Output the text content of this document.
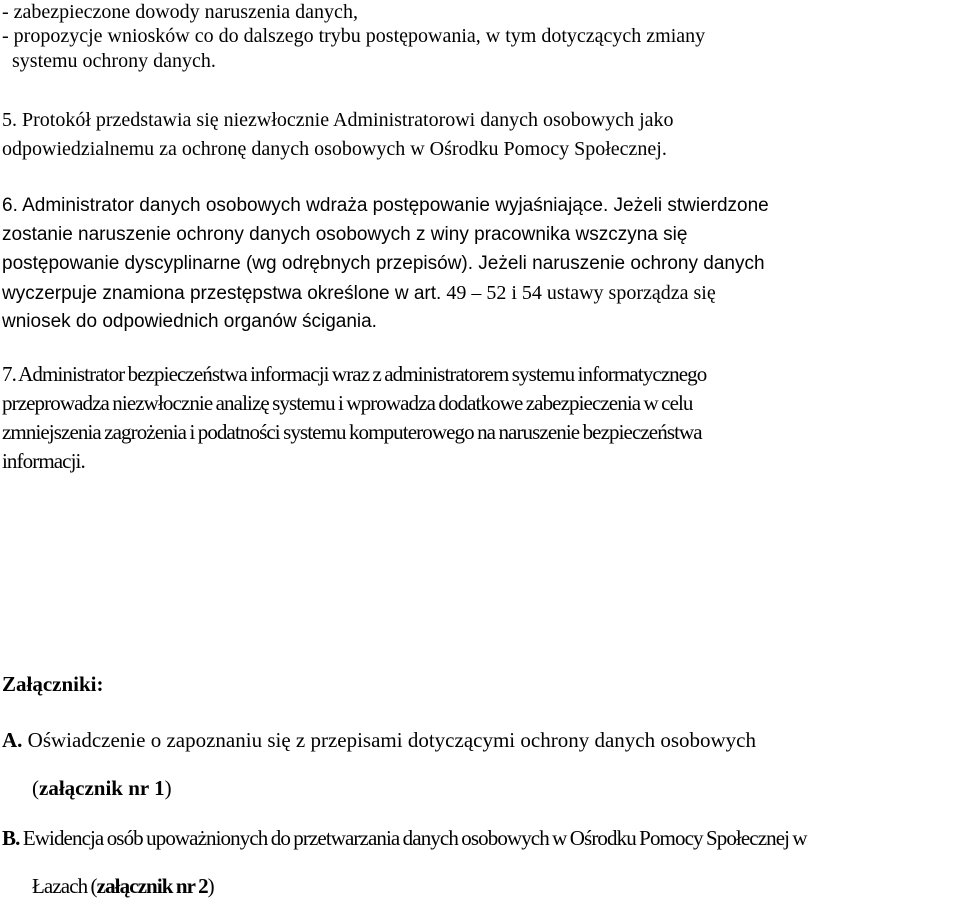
- zabezpieczone dowody naruszenia danych,
- propozycje wniosków co do dalszego trybu postępowania, w tym dotyczących zmiany
systemu ochrony danych.
5. Protokół przedstawia się niezwłocznie Administratorowi danych osobowych jako
odpowiedzialnemu za ochronę danych osobowych w Ośrodku Pomocy Społecznej.
6. Administrator danych osobowych wdraża postępowanie wyjaśniające. Jeżeli stwierdzone
zostanie naruszenie ochrony danych osobowych z winy pracownika wszczyna się
postępowanie dyscyplinarne (wg odrębnych przepisów). Jeżeli naruszenie ochrony danych
wyczerpuje znamiona przestępstwa określone w art. 49 – 52 i 54 ustawy sporządza się
wniosek do odpowiednich organów ścigania.
7. Administrator bezpieczeństwa informacji wraz z administratorem systemu informatycznego
przeprowadza niezwłocznie analizę systemu i wprowadza dodatkowe zabezpieczenia w celu
zmniejszenia zagrożenia i podatności systemu komputerowego na naruszenie bezpieczeństwa
informacji.
Załączniki:
A. Oświadczenie o zapoznaniu się z przepisami dotyczącymi ochrony danych osobowych
(załącznik nr 1)
B. Ewidencja osób upoważnionych do przetwarzania danych osobowych w Ośrodku Pomocy Społecznej w
Łazach (załącznik nr 2)
